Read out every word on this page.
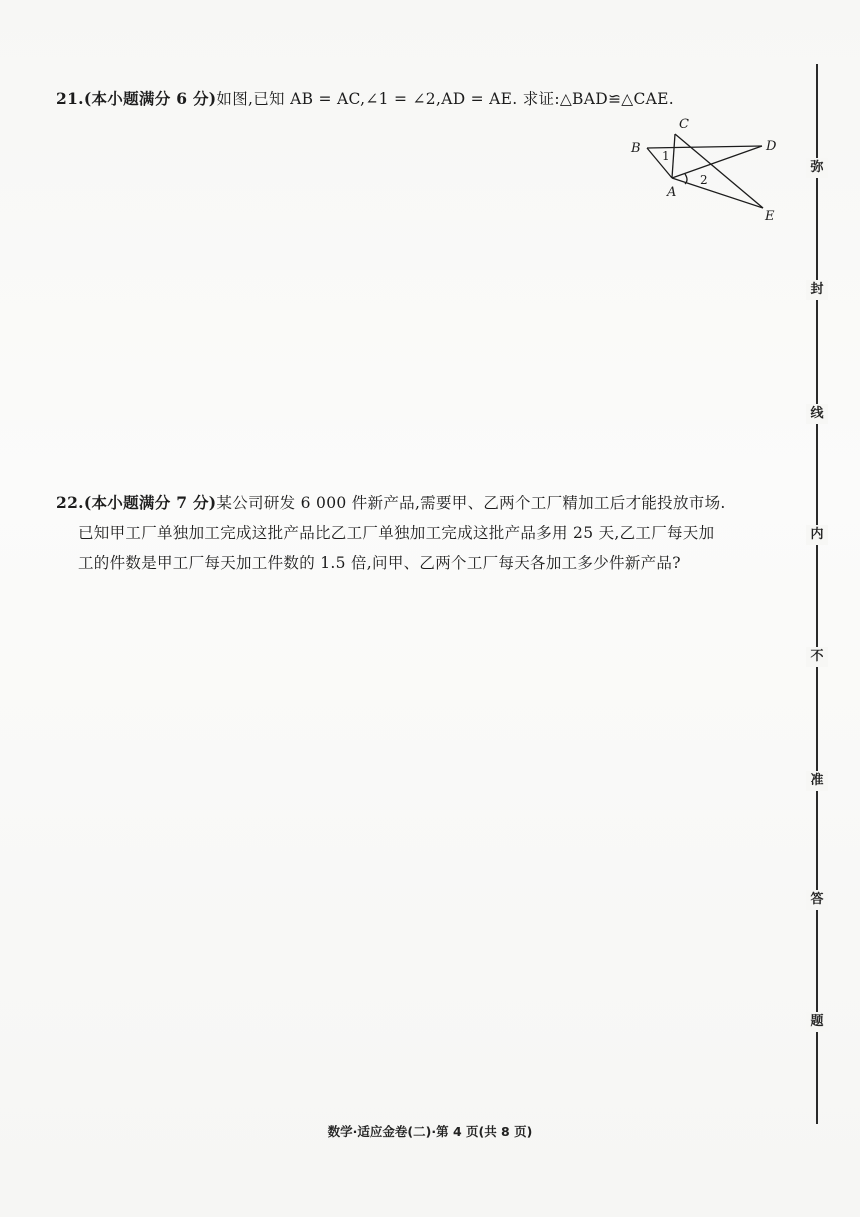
21.(本小题满分 6 分)如图,已知 AB = AC,∠1 = ∠2,AD = AE. 求证:△BAD≌△CAE.
C
B	D
A
E
1
2
22.(本小题满分 7 分)某公司研发 6 000 件新产品,需要甲、乙两个工厂精加工后才能投放市场.
已知甲工厂单独加工完成这批产品比乙工厂单独加工完成这批产品多用 25 天,乙工厂每天加
工的件数是甲工厂每天加工件数的 1.5 倍,问甲、乙两个工厂每天各加工多少件新产品?
弥
封
线
内
不
准
答
题
数学·适应金卷(二)·第 4 页(共 8 页)
